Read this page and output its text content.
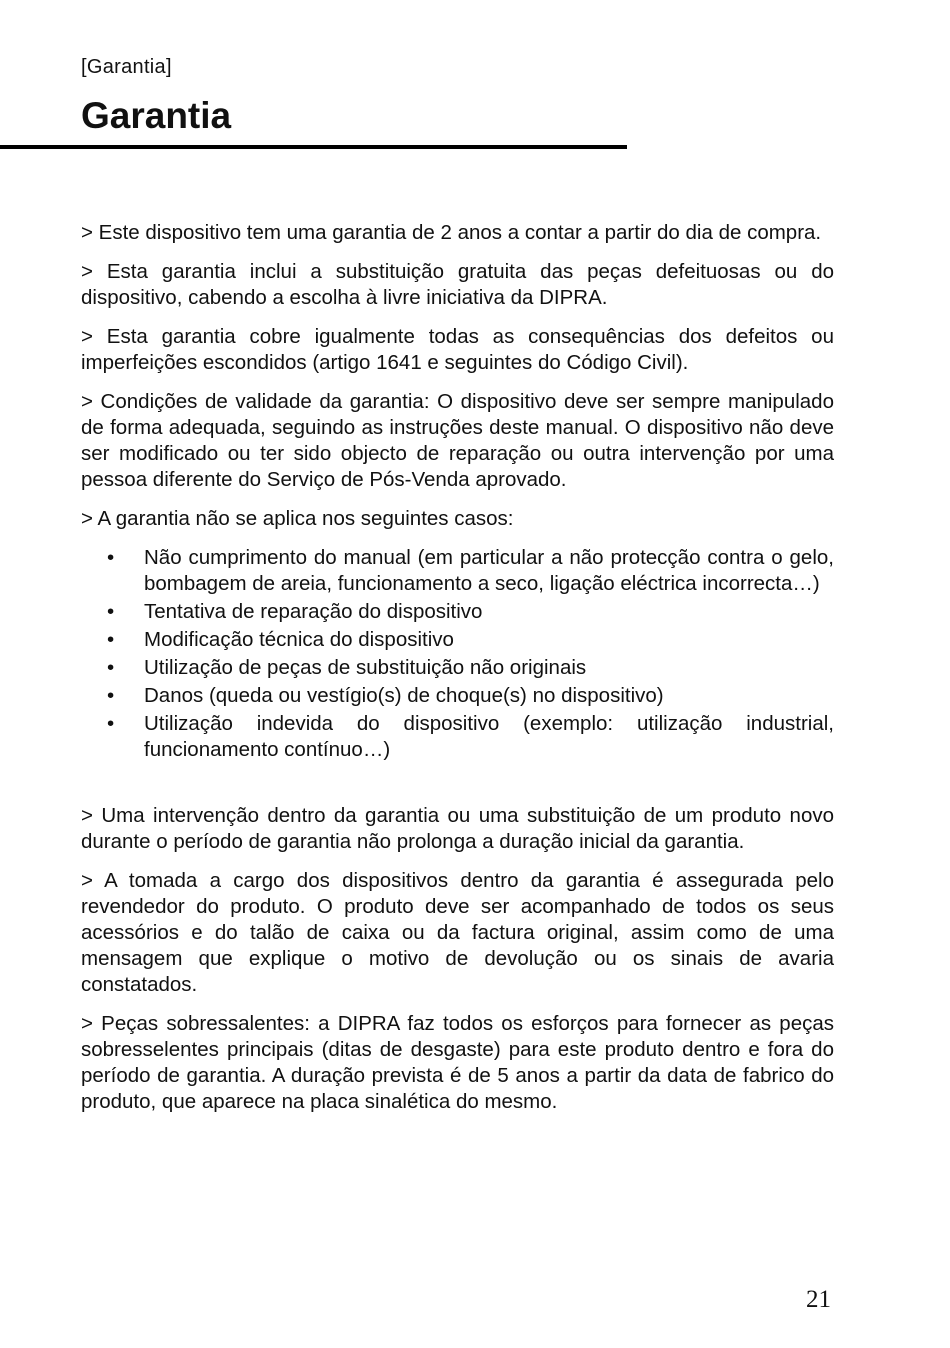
[Garantia]
Garantia

> Este dispositivo tem uma garantia de 2 anos a contar a partir do dia de compra.

> Esta garantia inclui a substituição gratuita das peças defeituosas ou do dispositivo, cabendo a escolha à livre iniciativa da DIPRA.

> Esta garantia cobre igualmente todas as consequências dos defeitos ou imperfeições escondidos (artigo 1641 e seguintes do Código Civil).

> Condições de validade da garantia: O dispositivo deve ser sempre manipulado de forma adequada, seguindo as instruções deste manual. O dispositivo não deve ser modificado ou ter sido objecto de reparação ou outra intervenção por uma pessoa diferente do Serviço de Pós-Venda aprovado.

> A garantia não se aplica nos seguintes casos:

• Não cumprimento do manual (em particular a não protecção contra o gelo, bombagem de areia, funcionamento a seco, ligação eléctrica incorrecta…)
• Tentativa de reparação do dispositivo
• Modificação técnica do dispositivo
• Utilização de peças de substituição não originais
• Danos (queda ou vestígio(s) de choque(s) no dispositivo)
• Utilização indevida do dispositivo (exemplo: utilização industrial, funcionamento contínuo…)

> Uma intervenção dentro da garantia ou uma substituição de um produto novo durante o período de garantia não prolonga a duração inicial da garantia.

> A tomada a cargo dos dispositivos dentro da garantia é assegurada pelo revendedor do produto. O produto deve ser acompanhado de todos os seus acessórios e do talão de caixa ou da factura original, assim como de uma mensagem que explique o motivo de devolução ou os sinais de avaria constatados.

> Peças sobressalentes: a DIPRA faz todos os esforços para fornecer as peças sobresselentes principais (ditas de desgaste) para este produto dentro e fora do período de garantia. A duração prevista é de 5 anos a partir da data de fabrico do produto, que aparece na placa sinalética do mesmo.

21
